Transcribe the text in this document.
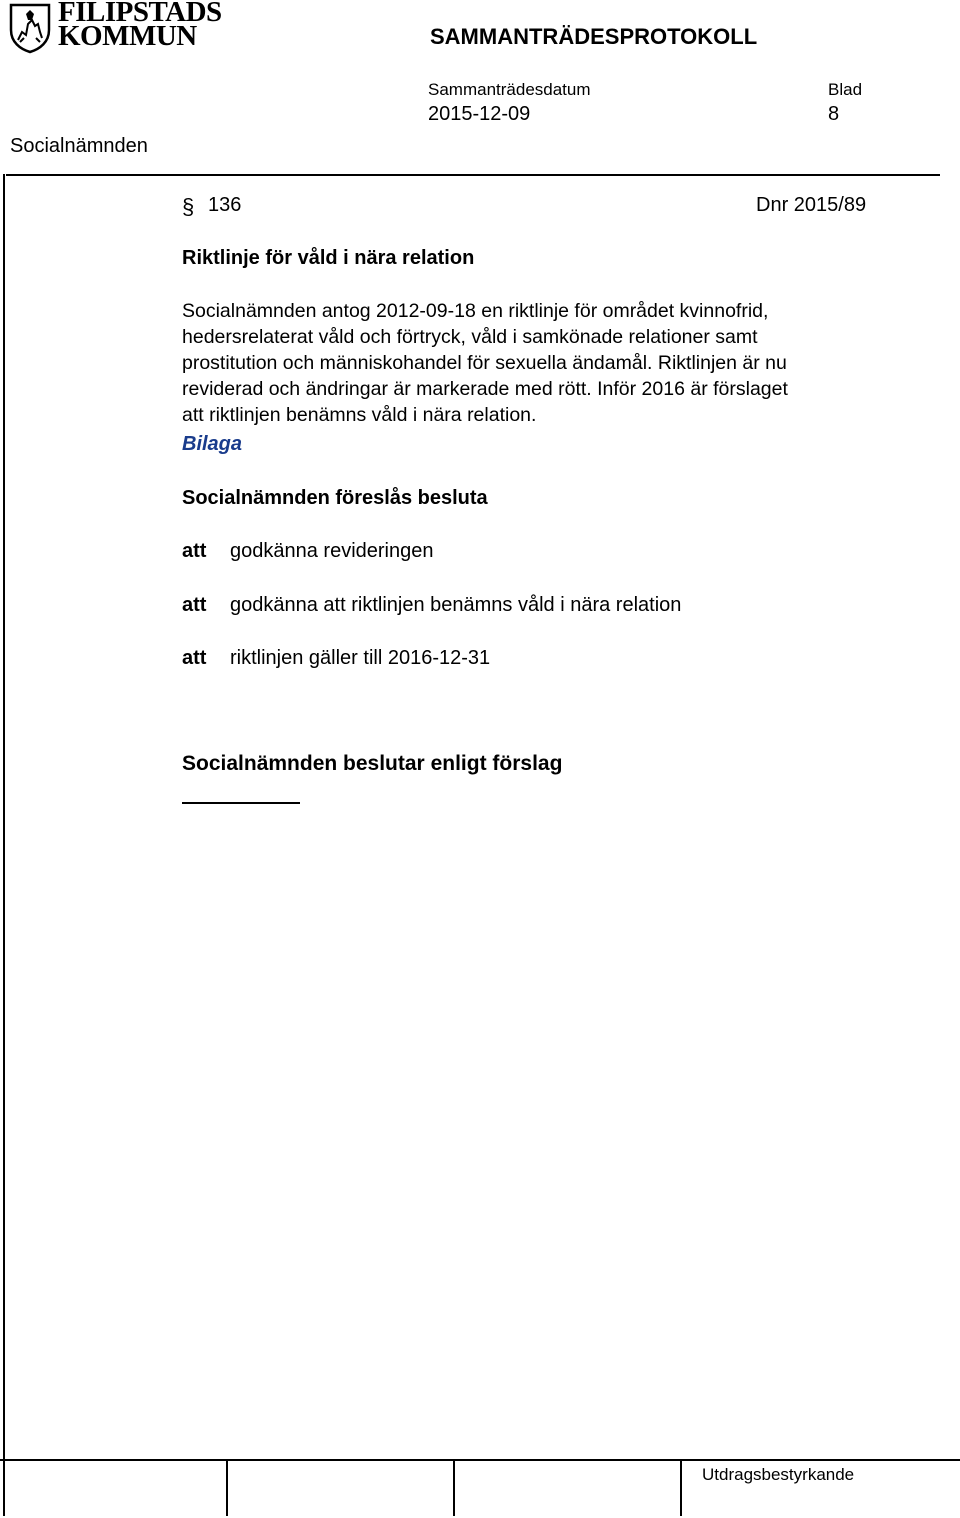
FILIPSTADS
KOMMUN	SAMMANTRÄDESPROTOKOLL
Sammanträdesdatum
2015-12-09
Blad
8
Socialnämnden
§ 136	Dnr 2015/89
Riktlinje för våld i nära relation
Socialnämnden antog 2012-09-18 en riktlinje för området kvinnofrid,
hedersrelaterat våld och förtryck, våld i samkönade relationer samt
prostitution och människohandel för sexuella ändamål. Riktlinjen är nu
reviderad och ändringar är markerade med rött. Inför 2016 är förslaget
att riktlinjen benämns våld i nära relation.
Bilaga
Socialnämnden föreslås besluta
att godkänna revideringen
att godkänna att riktlinjen benämns våld i nära relation
att riktlinjen gäller till 2016-12-31
Socialnämnden beslutar enligt förslag
Utdragsbestyrkande
